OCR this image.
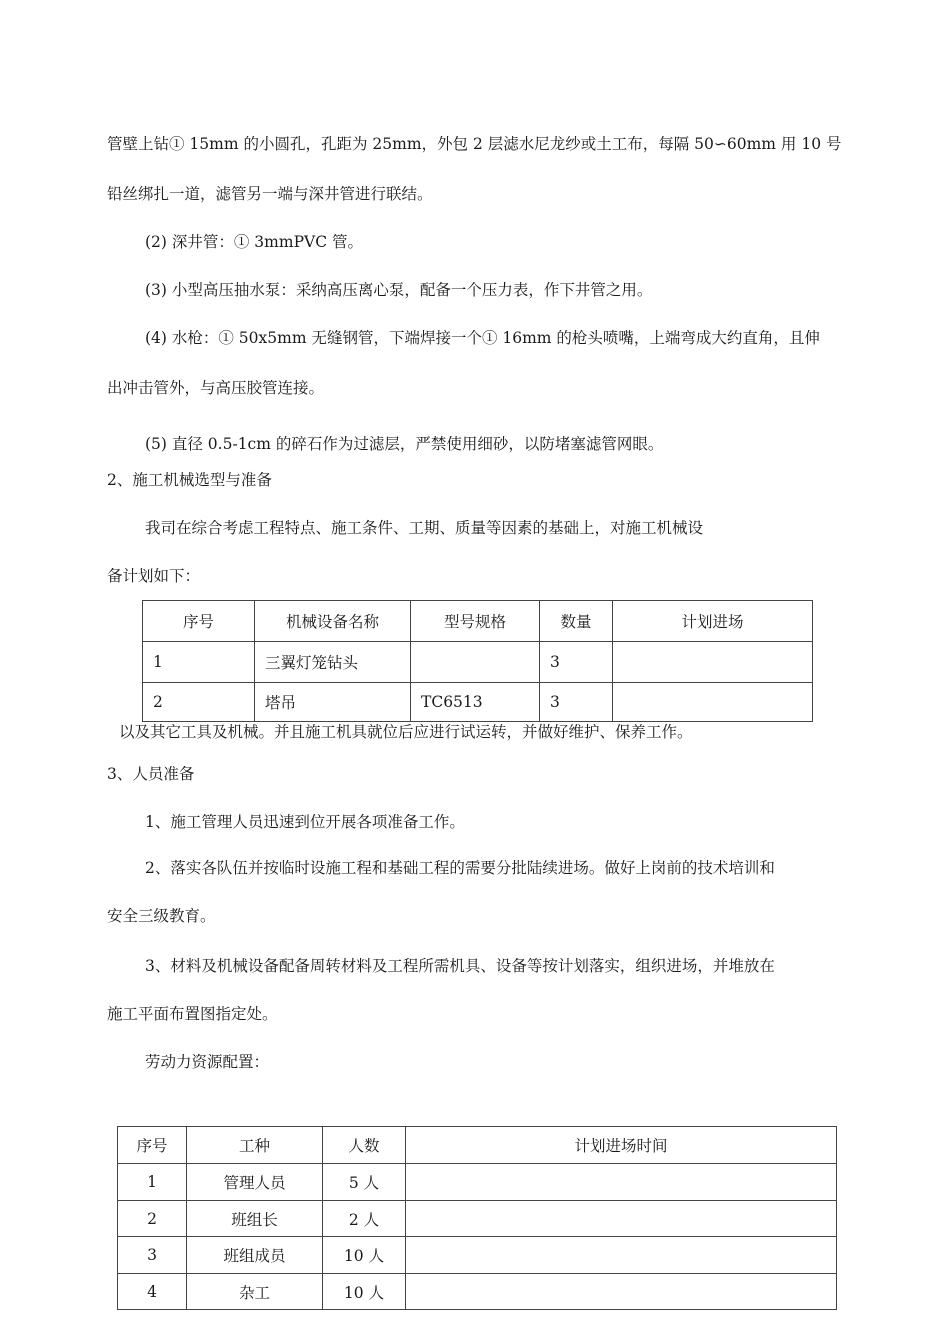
管壁上钻① 15mm 的小圆孔，孔距为 25mm，外包 2 层滤水尼龙纱或土工布，每隔 50∽60mm 用 10 号
铅丝绑扎一道，滤管另一端与深井管进行联结。
(2) 深井管：① 3mmPVC 管。
(3) 小型高压抽水泵：采纳高压离心泵，配备一个压力表，作下井管之用。
(4) 水枪：① 50x5mm 无缝钢管，下端焊接一个① 16mm 的枪头喷嘴，上端弯成大约直角，且伸
出冲击管外，与高压胶管连接。
(5) 直径 0.5-1cm 的碎石作为过滤层，严禁使用细砂，以防堵塞滤管网眼。
2、施工机械选型与准备
我司在综合考虑工程特点、施工条件、工期、质量等因素的基础上，对施工机械设
备计划如下：
序号	机械设备名称	型号规格	数量	计划进场
1	三翼灯笼钻头		3	
2	塔吊	TC6513	3	
以及其它工具及机械。并且施工机具就位后应进行试运转，并做好维护、保养工作。
3、人员准备
1、施工管理人员迅速到位开展各项准备工作。
2、落实各队伍并按临时设施工程和基础工程的需要分批陆续进场。做好上岗前的技术培训和
安全三级教育。
3、材料及机械设备配备周转材料及工程所需机具、设备等按计划落实，组织进场，并堆放在
施工平面布置图指定处。
劳动力资源配置：
序号	工种	人数	计划进场时间
1	管理人员	5 人	
2	班组长	2 人	
3	班组成员	10 人	
4	杂工	10 人	
